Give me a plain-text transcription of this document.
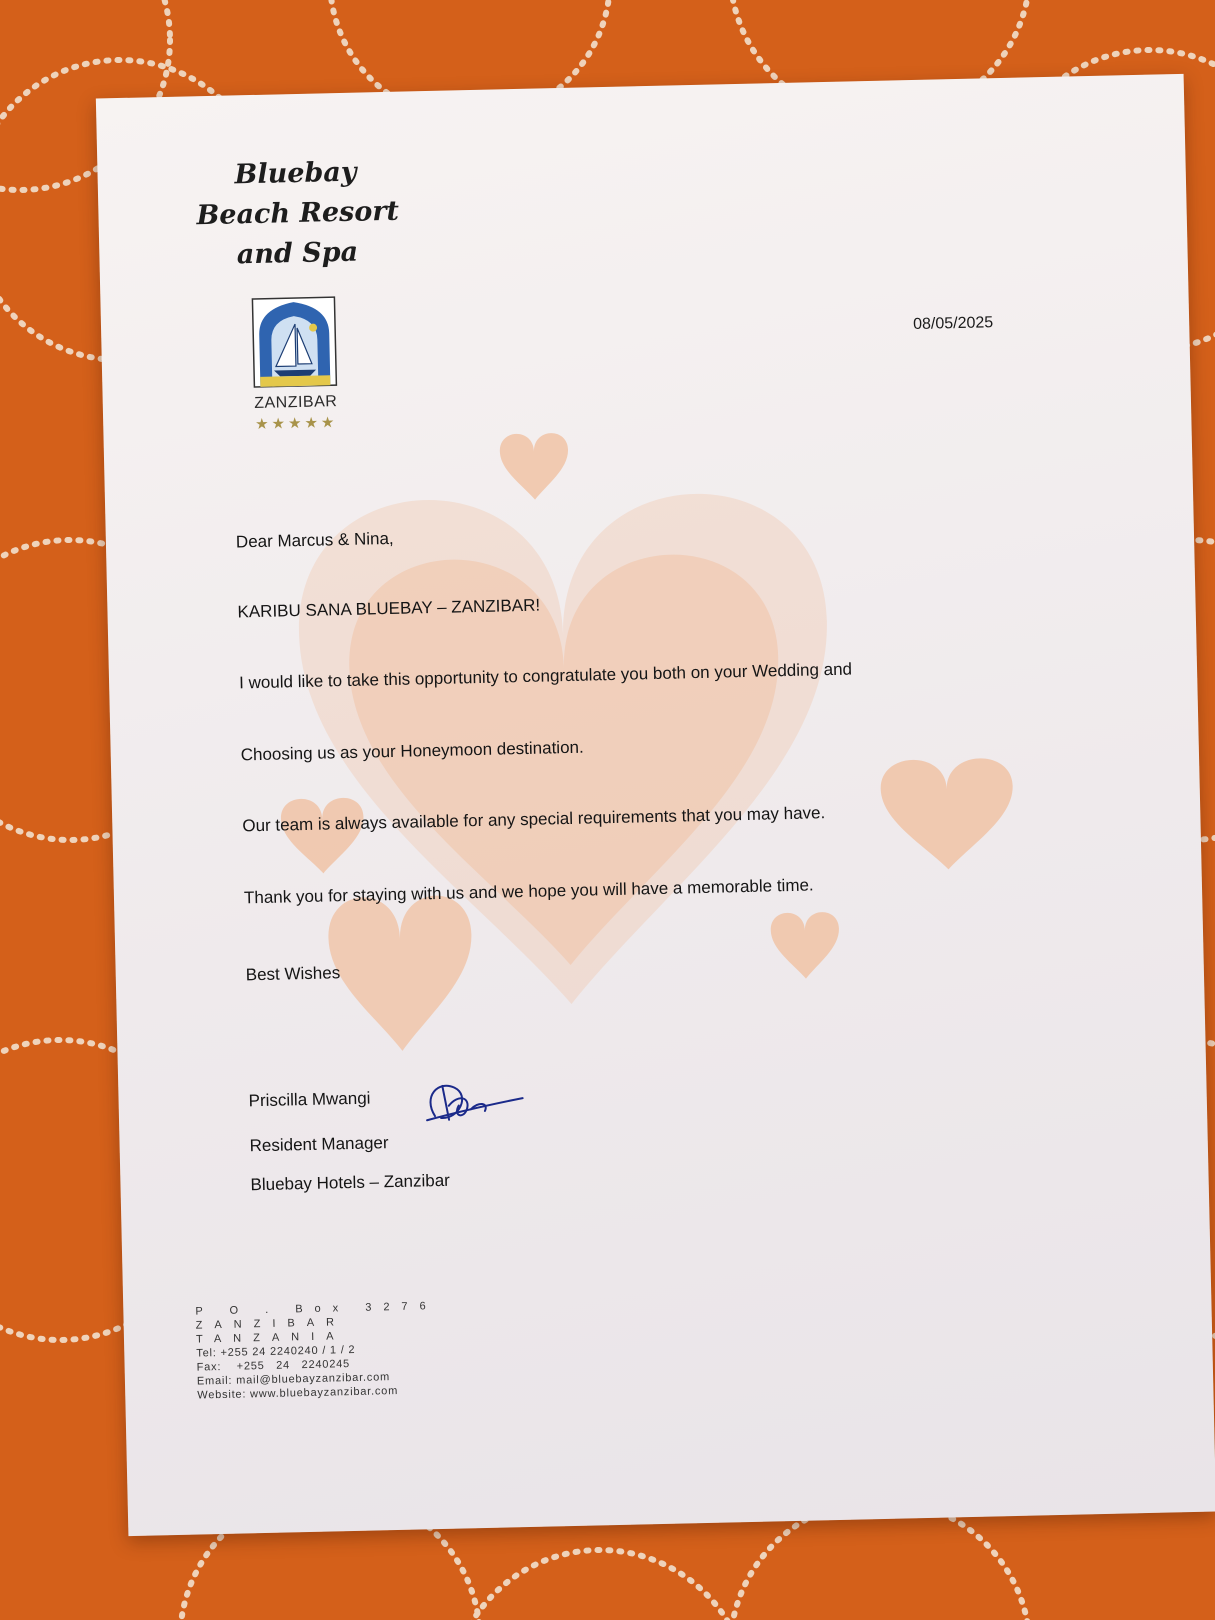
Bluebay
Beach Resort
and Spa
ZANZIBAR
★★★★★
08/05/2025
Dear Marcus & Nina,
KARIBU SANA BLUEBAY – ZANZIBAR!
I would like to take this opportunity to congratulate you both on your Wedding and
Choosing us as your Honeymoon destination.
Our team is always available for any special requirements that you may have.
Thank you for staying with us and we hope you will have a memorable time.
Best Wishes
Priscilla Mwangi
Resident Manager
Bluebay Hotels – Zanzibar
P O . Box 3276
ZANZIBAR
TANZANIA
Tel: +255 24 2240240 / 1 / 2
Fax:    +255   24   2240245
Email: mail@bluebayzanzibar.com
Website: www.bluebayzanzibar.com
